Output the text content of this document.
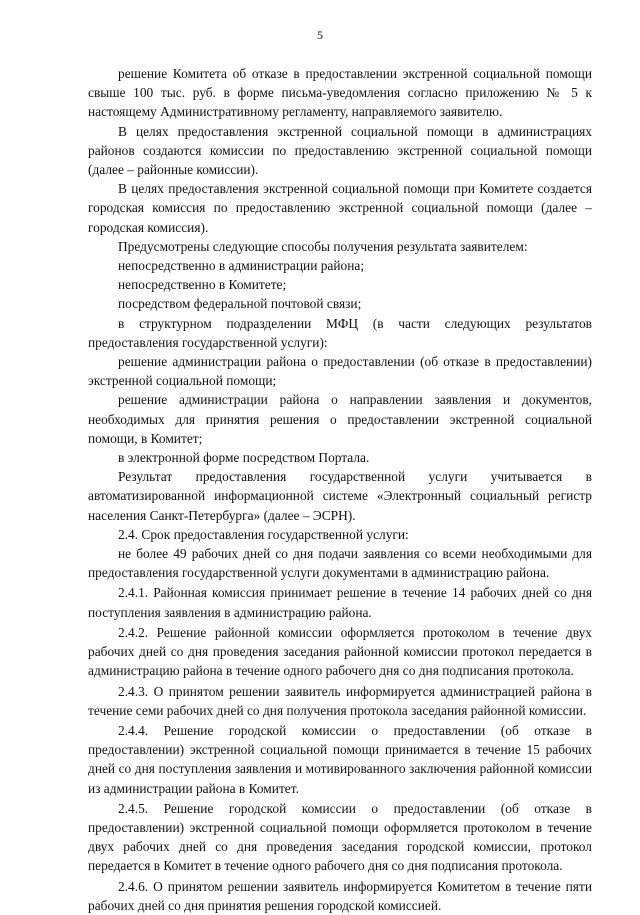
5

решение Комитета об отказе в предоставлении экстренной социальной помощи свыше 100 тыс. руб. в форме письма-уведомления согласно приложению № 5 к настоящему Административному регламенту, направляемого заявителю.

В целях предоставления экстренной социальной помощи в администрациях районов создаются комиссии по предоставлению экстренной социальной помощи (далее – районные комиссии).

В целях предоставления экстренной социальной помощи при Комитете создается городская комиссия по предоставлению экстренной социальной помощи (далее – городская комиссия).

Предусмотрены следующие способы получения результата заявителем:

непосредственно в администрации района;

непосредственно в Комитете;

посредством федеральной почтовой связи;

в структурном подразделении МФЦ (в части следующих результатов предоставления государственной услуги):

решение администрации района о предоставлении (об отказе в предоставлении) экстренной социальной помощи;

решение администрации района о направлении заявления и документов, необходимых для принятия решения о предоставлении экстренной социальной помощи, в Комитет;

в электронной форме посредством Портала.

Результат предоставления государственной услуги учитывается в автоматизированной информационной системе «Электронный социальный регистр населения Санкт-Петербурга» (далее – ЭСРН).

2.4. Срок предоставления государственной услуги:

не более 49 рабочих дней со дня подачи заявления со всеми необходимыми для предоставления государственной услуги документами в администрацию района.

2.4.1. Районная комиссия принимает решение в течение 14 рабочих дней со дня поступления заявления в администрацию района.

2.4.2. Решение районной комиссии оформляется протоколом в течение двух рабочих дней со дня проведения заседания районной комиссии протокол передается в администрацию района в течение одного рабочего дня со дня подписания протокола.

2.4.3. О принятом решении заявитель информируется администрацией района в течение семи рабочих дней со дня получения протокола заседания районной комиссии.

2.4.4. Решение городской комиссии о предоставлении (об отказе в предоставлении) экстренной социальной помощи принимается в течение 15 рабочих дней со дня поступления заявления и мотивированного заключения районной комиссии из администрации района в Комитет.

2.4.5. Решение городской комиссии о предоставлении (об отказе в предоставлении) экстренной социальной помощи оформляется протоколом в течение двух рабочих дней со дня проведения заседания городской комиссии, протокол передается в Комитет в течение одного рабочего дня со дня подписания протокола.

2.4.6. О принятом решении заявитель информируется Комитетом в течение пяти рабочих дней со дня принятия решения городской комиссией.
